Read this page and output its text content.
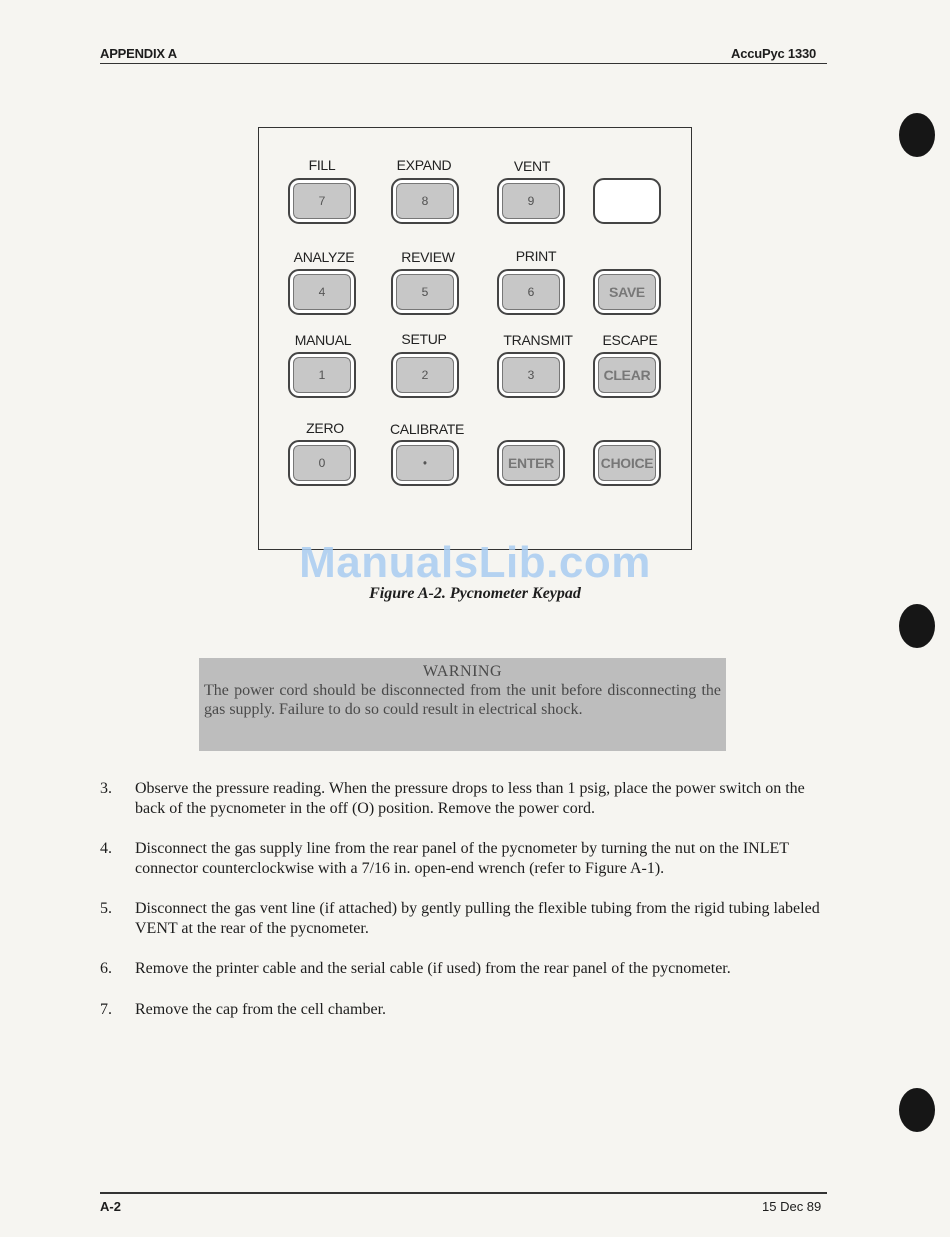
APPENDIX A	AccuPyc 1330
FILL	EXPAND	VENT
7	8	9
ANALYZE	REVIEW	PRINT
4	5	6	SAVE
MANUAL	SETUP	TRANSMIT ESCAPE
1	2	3	CLEAR
ZERO	CALIBRATE
0	•	ENTER	CHOICE
ManualsLib.com
Figure A-2. Pycnometer Keypad
WARNING
The power cord should be disconnected from the unit before disconnecting the gas supply. Failure to do so could result in electrical shock.
3.	Observe the pressure reading. When the pressure drops to less than 1 psig, place the power switch on the back of the pycnometer in the off (O) position. Remove the power cord.
4.	Disconnect the gas supply line from the rear panel of the pycnometer by turning the nut on the INLET connector counterclockwise with a 7/16 in. open-end wrench (refer to Figure A-1).
5.	Disconnect the gas vent line (if attached) by gently pulling the flexible tubing from the rigid tubing labeled VENT at the rear of the pycnometer.
6.	Remove the printer cable and the serial cable (if used) from the rear panel of the pycnometer.
7.	Remove the cap from the cell chamber.
A-2	15 Dec 89
